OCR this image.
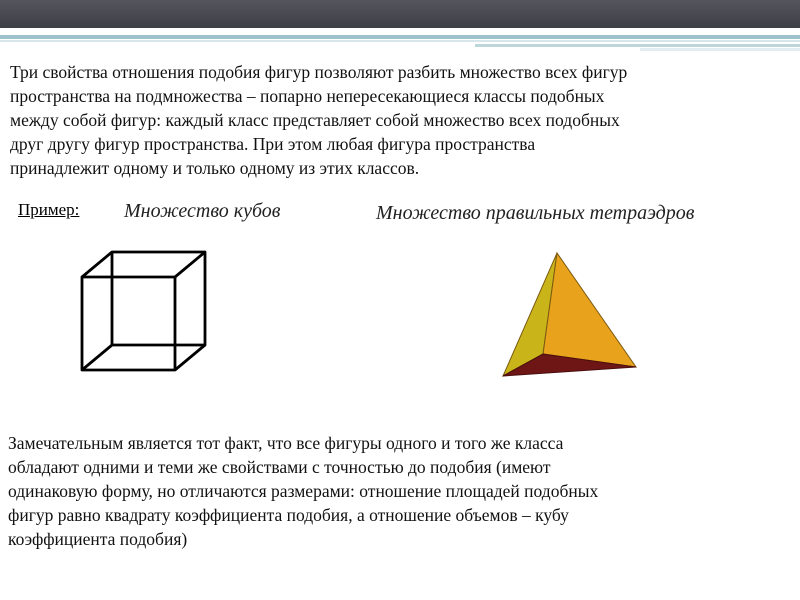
Три свойства отношения подобия фигур позволяют разбить множество всех фигур
пространства на подмножества – попарно непересекающиеся классы подобных
между собой фигур: каждый класс представляет собой множество всех подобных
друг другу фигур пространства. При этом любая фигура пространства
принадлежит одному и только одному из этих классов.

Пример: Множество кубов	Множество правильных тетраэдров

Замечательным является тот факт, что все фигуры одного и того же класса
обладают одними и теми же свойствами с точностью до подобия (имеют
одинаковую форму, но отличаются размерами: отношение площадей подобных
фигур равно квадрату коэффициента подобия, а отношение объемов – кубу
коэффициента подобия)
